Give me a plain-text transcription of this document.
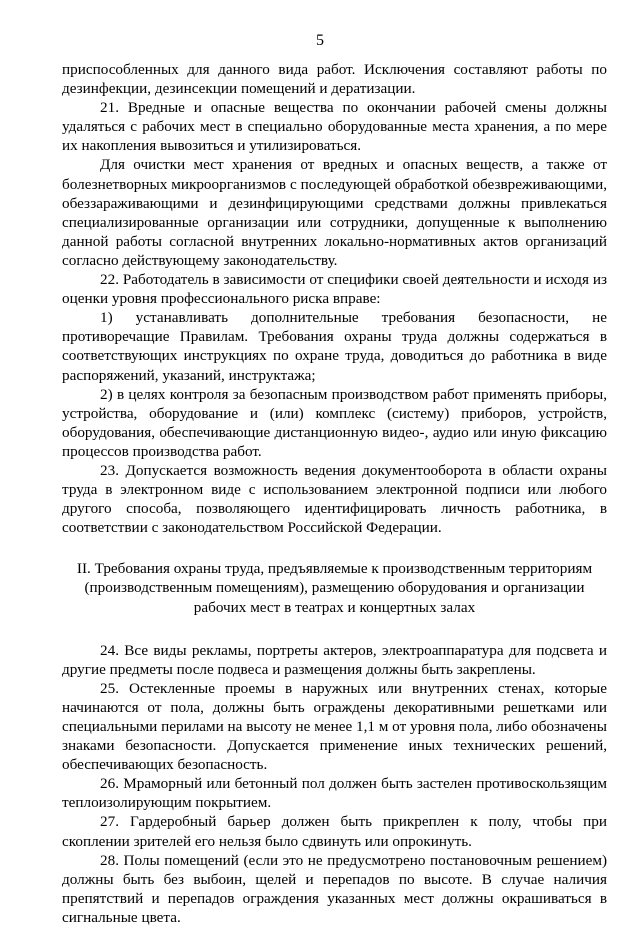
5

приспособленных для данного вида работ. Исключения составляют работы по дезинфекции, дезинсекции помещений и дератизации.

21. Вредные и опасные вещества по окончании рабочей смены должны удаляться с рабочих мест в специально оборудованные места хранения, а по мере их накопления вывозиться и утилизироваться.

Для очистки мест хранения от вредных и опасных веществ, а также от болезнетворных микроорганизмов с последующей обработкой обезвреживающими, обеззараживающими и дезинфицирующими средствами должны привлекаться специализированные организации или сотрудники, допущенные к выполнению данной работы согласной внутренних локально-нормативных актов организаций согласно действующему законодательству.

22. Работодатель в зависимости от специфики своей деятельности и исходя из оценки уровня профессионального риска вправе:

1) устанавливать дополнительные требования безопасности, не противоречащие Правилам. Требования охраны труда должны содержаться в соответствующих инструкциях по охране труда, доводиться до работника в виде распоряжений, указаний, инструктажа;

2) в целях контроля за безопасным производством работ применять приборы, устройства, оборудование и (или) комплекс (систему) приборов, устройств, оборудования, обеспечивающие дистанционную видео-, аудио или иную фиксацию процессов производства работ.

23. Допускается возможность ведения документооборота в области охраны труда в электронном виде с использованием электронной подписи или любого другого способа, позволяющего идентифицировать личность работника, в соответствии с законодательством Российской Федерации.

II. Требования охраны труда, предъявляемые к производственным территориям (производственным помещениям), размещению оборудования и организации рабочих мест в театрах и концертных залах

24. Все виды рекламы, портреты актеров, электроаппаратура для подсвета и другие предметы после подвеса и размещения должны быть закреплены.

25. Остекленные проемы в наружных или внутренних стенах, которые начинаются от пола, должны быть ограждены декоративными решетками или специальными перилами на высоту не менее 1,1 м от уровня пола, либо обозначены знаками безопасности. Допускается применение иных технических решений, обеспечивающих безопасность.

26. Мраморный или бетонный пол должен быть застелен противоскользящим теплоизолирующим покрытием.

27. Гардеробный барьер должен быть прикреплен к полу, чтобы при скоплении зрителей его нельзя было сдвинуть или опрокинуть.

28. Полы помещений (если это не предусмотрено постановочным решением) должны быть без выбоин, щелей и перепадов по высоте. В случае наличия препятствий и перепадов ограждения указанных мест должны окрашиваться в сигнальные цвета.
